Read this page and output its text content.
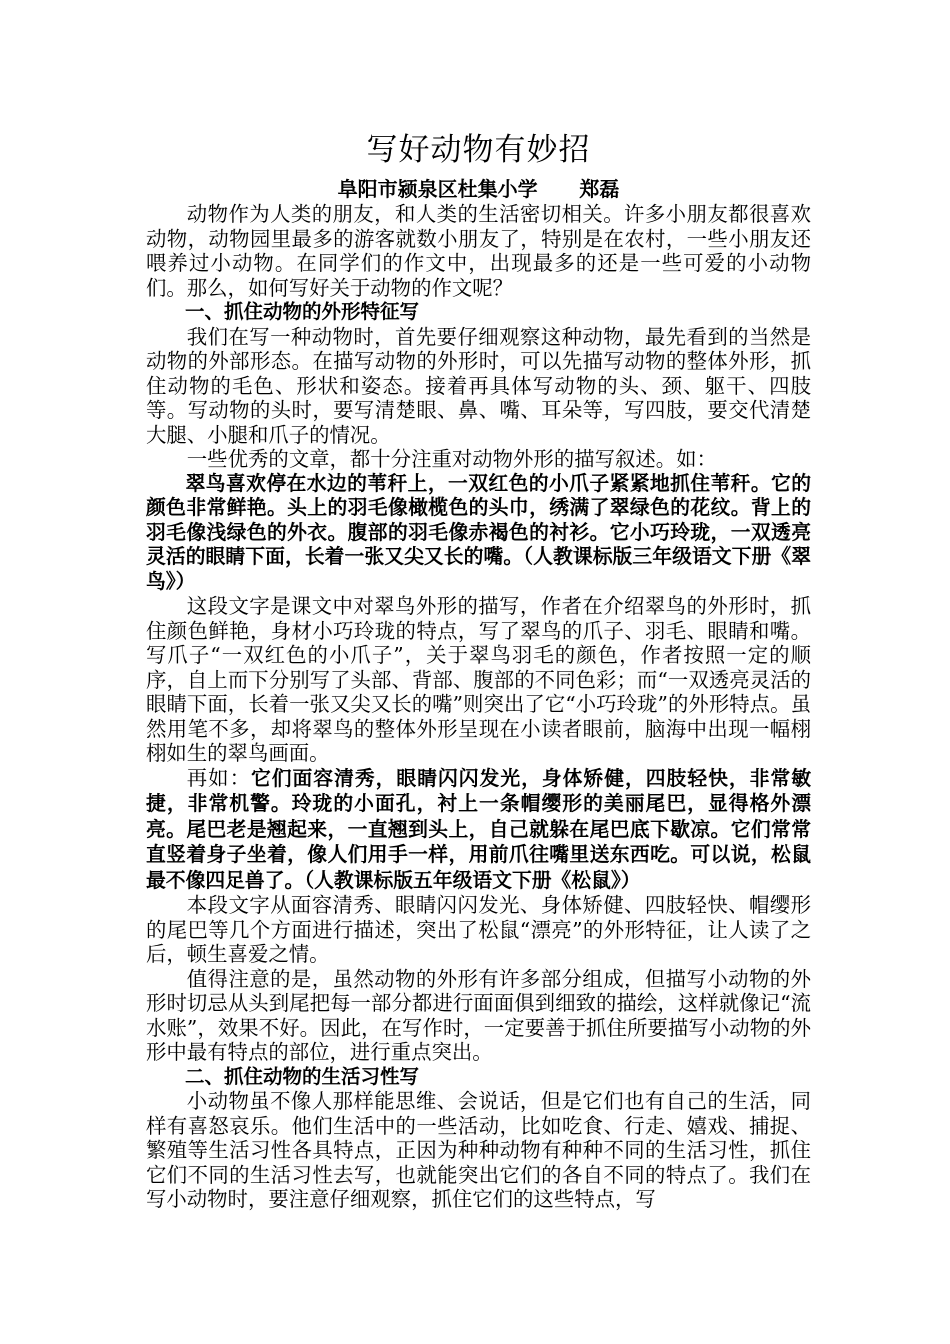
写好动物有妙招
阜阳市颍泉区杜集小学      郑磊

动物作为人类的朋友，和人类的生活密切相关。许多小朋友都很喜欢动物，动物园里最多的游客就数小朋友了，特别是在农村，一些小朋友还喂养过小动物。在同学们的作文中，出现最多的还是一些可爱的小动物们。那么，如何写好关于动物的作文呢？

一、抓住动物的外形特征写

我们在写一种动物时，首先要仔细观察这种动物，最先看到的当然是动物的外部形态。在描写动物的外形时，可以先描写动物的整体外形，抓住动物的毛色、形状和姿态。接着再具体写动物的头、颈、躯干、四肢等。写动物的头时，要写清楚眼、鼻、嘴、耳朵等，写四肢，要交代清楚大腿、小腿和爪子的情况。

一些优秀的文章，都十分注重对动物外形的描写叙述。如：

翠鸟喜欢停在水边的苇秆上，一双红色的小爪子紧紧地抓住苇秆。它的颜色非常鲜艳。头上的羽毛像橄榄色的头巾，绣满了翠绿色的花纹。背上的羽毛像浅绿色的外衣。腹部的羽毛像赤褐色的衬衫。它小巧玲珑，一双透亮灵活的眼睛下面，长着一张又尖又长的嘴。（人教课标版三年级语文下册《翠鸟》）

这段文字是课文中对翠鸟外形的描写，作者在介绍翠鸟的外形时，抓住颜色鲜艳，身材小巧玲珑的特点，写了翠鸟的爪子、羽毛、眼睛和嘴。写爪子“一双红色的小爪子”，关于翠鸟羽毛的颜色，作者按照一定的顺序，自上而下分别写了头部、背部、腹部的不同色彩；而“一双透亮灵活的眼睛下面，长着一张又尖又长的嘴”则突出了它“小巧玲珑”的外形特点。虽然用笔不多，却将翠鸟的整体外形呈现在小读者眼前，脑海中出现一幅栩栩如生的翠鸟画面。

再如：它们面容清秀，眼睛闪闪发光，身体矫健，四肢轻快，非常敏捷，非常机警。玲珑的小面孔，衬上一条帽缨形的美丽尾巴，显得格外漂亮。尾巴老是翘起来，一直翘到头上，自己就躲在尾巴底下歇凉。它们常常直竖着身子坐着，像人们用手一样，用前爪往嘴里送东西吃。可以说，松鼠最不像四足兽了。（人教课标版五年级语文下册《松鼠》）

本段文字从面容清秀、眼睛闪闪发光、身体矫健、四肢轻快、帽缨形的尾巴等几个方面进行描述，突出了松鼠“漂亮”的外形特征，让人读了之后，顿生喜爱之情。

值得注意的是，虽然动物的外形有许多部分组成，但描写小动物的外形时切忌从头到尾把每一部分都进行面面俱到细致的描绘，这样就像记“流水账”，效果不好。因此，在写作时，一定要善于抓住所要描写小动物的外形中最有特点的部位，进行重点突出。

二、抓住动物的生活习性写

小动物虽不像人那样能思维、会说话，但是它们也有自己的生活，同样有喜怒哀乐。他们生活中的一些活动，比如吃食、行走、嬉戏、捕捉、繁殖等生活习性各具特点，正因为种种动物有种种不同的生活习性，抓住它们不同的生活习性去写，也就能突出它们的各自不同的特点了。我们在写小动物时，要注意仔细观察，抓住它们的这些特点，写
